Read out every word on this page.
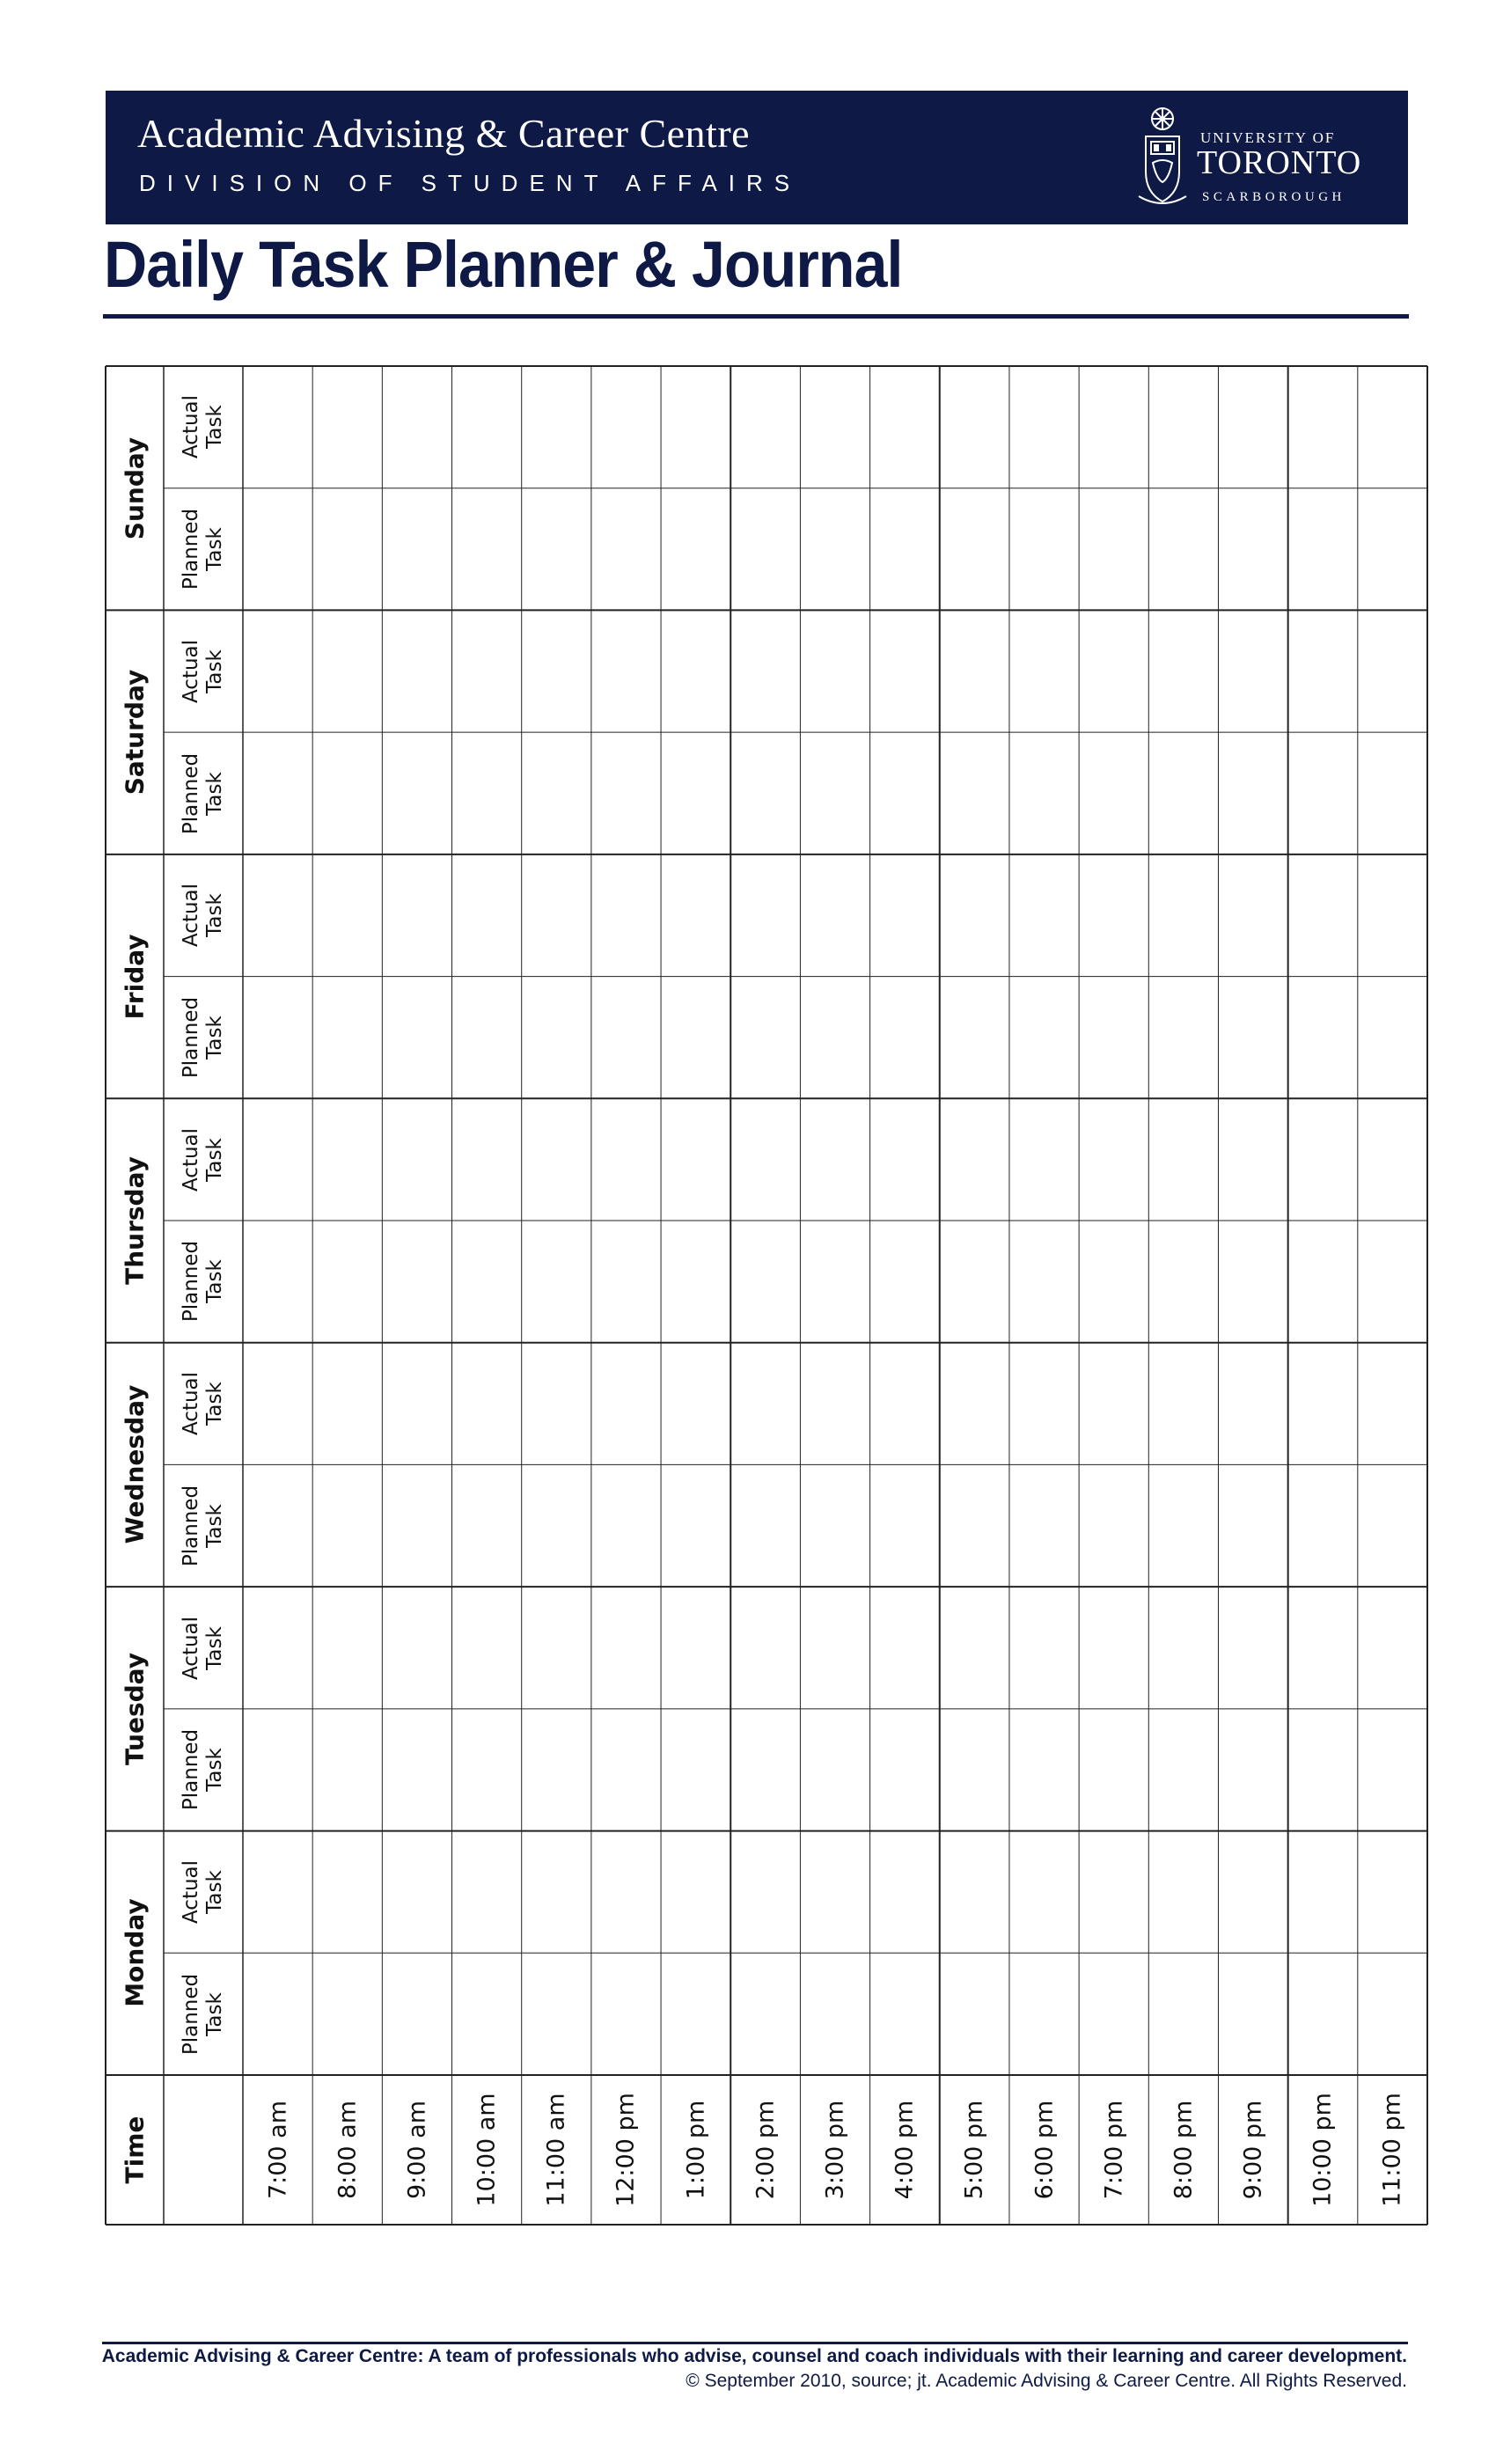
Academic Advising & Career Centre
DIVISION OF STUDENT AFFAIRS
UNIVERSITY OF
TORONTO
SCARBOROUGH
Daily Task Planner & Journal
Monday
Planned Task
Actual Task
Tuesday
Planned Task
Actual Task
Wednesday Planned Task
Actual Task
Thursday Planned Task
Actual Task
Friday
Planned Task
Actual Task
Saturday Planned Task
Actual Task
Sunday
Planned Task
Actual Task
Time	7:00 am 8:00 am 9:00 am 10:00 am 11:00 am 12:00 pm 1:00 pm 2:00 pm 3:00 pm 4:00 pm 5:00 pm 6:00 pm 7:00 pm 8:00 pm 9:00 pm 10:00 pm 11:00 pm
Academic Advising & Career Centre: A team of professionals who advise, counsel and coach individuals with their learning and career development.
© September 2010, source; jt. Academic Advising & Career Centre. All Rights Reserved.
